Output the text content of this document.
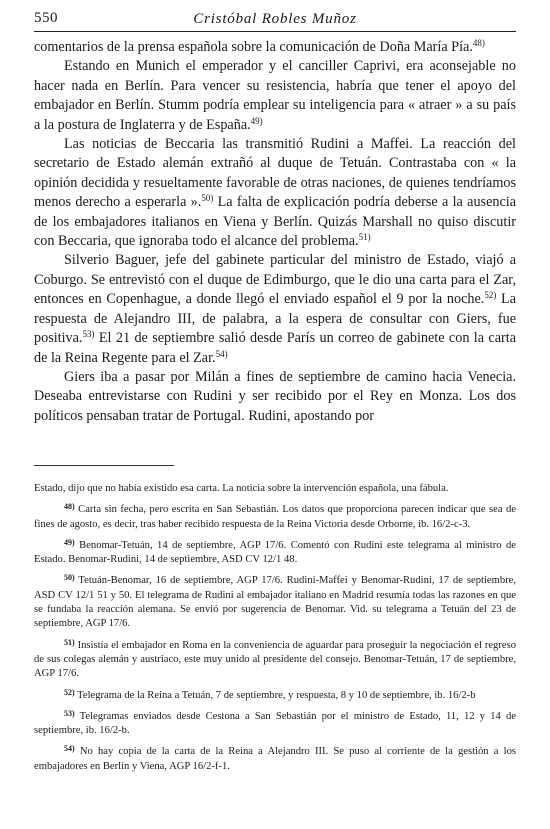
550	Cristóbal Robles Muñoz

comentarios de la prensa española sobre la comunicación de Doña María Pía.$^{48)}$

Estando en Munich el emperador y el canciller Caprivi, era aconsejable no hacer nada en Berlín. Para vencer su resistencia, habría que tener el apoyo del embajador en Berlín. Stumm podría emplear su inteligencia para « atraer » a su país a la postura de Inglaterra y de España.$^{49)}$

Las noticias de Beccaria las transmitió Rudini a Maffei. La reacción del secretario de Estado alemán extrañó al duque de Tetuán. Contrastaba con « la opinión decidida y resueltamente favorable de otras naciones, de quienes tendríamos menos derecho a esperarla ».$^{50)}$ La falta de explicación podría deberse a la ausencia de los embajadores italianos en Viena y Berlín. Quizás Marshall no quiso discutir con Beccaria, que ignoraba todo el alcance del problema.$^{51)}$

Silverio Baguer, jefe del gabinete particular del ministro de Estado, viajó a Coburgo. Se entrevistó con el duque de Edimburgo, que le dio una carta para el Zar, entonces en Copenhague, a donde llegó el enviado español el 9 por la noche.$^{52)}$ La respuesta de Alejandro III, de palabra, a la espera de consultar con Giers, fue positiva.$^{53)}$ El 21 de septiembre salió desde París un correo de gabinete con la carta de la Reina Regente para el Zar.$^{54)}$

Giers iba a pasar por Milán a fines de septiembre de camino hacia Venecia. Deseaba entrevistarse con Rudini y ser recibido por el Rey en Monza. Los dos políticos pensaban tratar de Portugal. Rudini, apostando por

Estado, dijo que no había existido esa carta. La noticia sobre la intervención española, una fábula.

$^{48)}$ Carta sin fecha, pero escrita en San Sebastián. Los datos que proporciona parecen indicar que sea de fines de agosto, es decir, tras haber recibido respuesta de la Reina Victoria desde Orborne, ib. 16/2-c-3.

$^{49)}$ Benomar-Tetuán, 14 de septiembre, AGP 17/6. Comentó con Rudini este telegrama al ministro de Estado. Benomar-Rudini, 14 de septiembre, ASD CV 12/1 48.

$^{50)}$ Tetuán-Benomar, 16 de septiembre, AGP 17/6. Rudini-Maffei y Benomar-Rudini, 17 de septiembre, ASD CV 12/1 51 y 50. El telegrama de Rudini al embajador italiano en Madrid resumía todas las razones en que se fundaba la reacción alemana. Se envió por sugerencia de Benomar. Vid. su telegrama a Tetuán del 23 de septiembre, AGP 17/6.

$^{51)}$ Insistía el embajador en Roma en la conveniencia de aguardar para proseguir la negociación el regreso de sus colegas alemán y austriaco, este muy unido al presidente del consejo. Benomar-Tetuán, 17 de septiembre, AGP 17/6.

$^{52)}$ Telegrama de la Reina a Tetuán, 7 de septiembre, y respuesta, 8 y 10 de septiembre, ib. 16/2-b

$^{53)}$ Telegramas enviados desde Cestona a San Sebastián por el ministro de Estado, 11, 12 y 14 de septiembre, ib. 16/2-b.

$^{54)}$ No hay copia de la carta de la Reina a Alejandro III. Se puso al corriente de la gestión a los embajadores en Berlín y Viena, AGP 16/2-f-1.
